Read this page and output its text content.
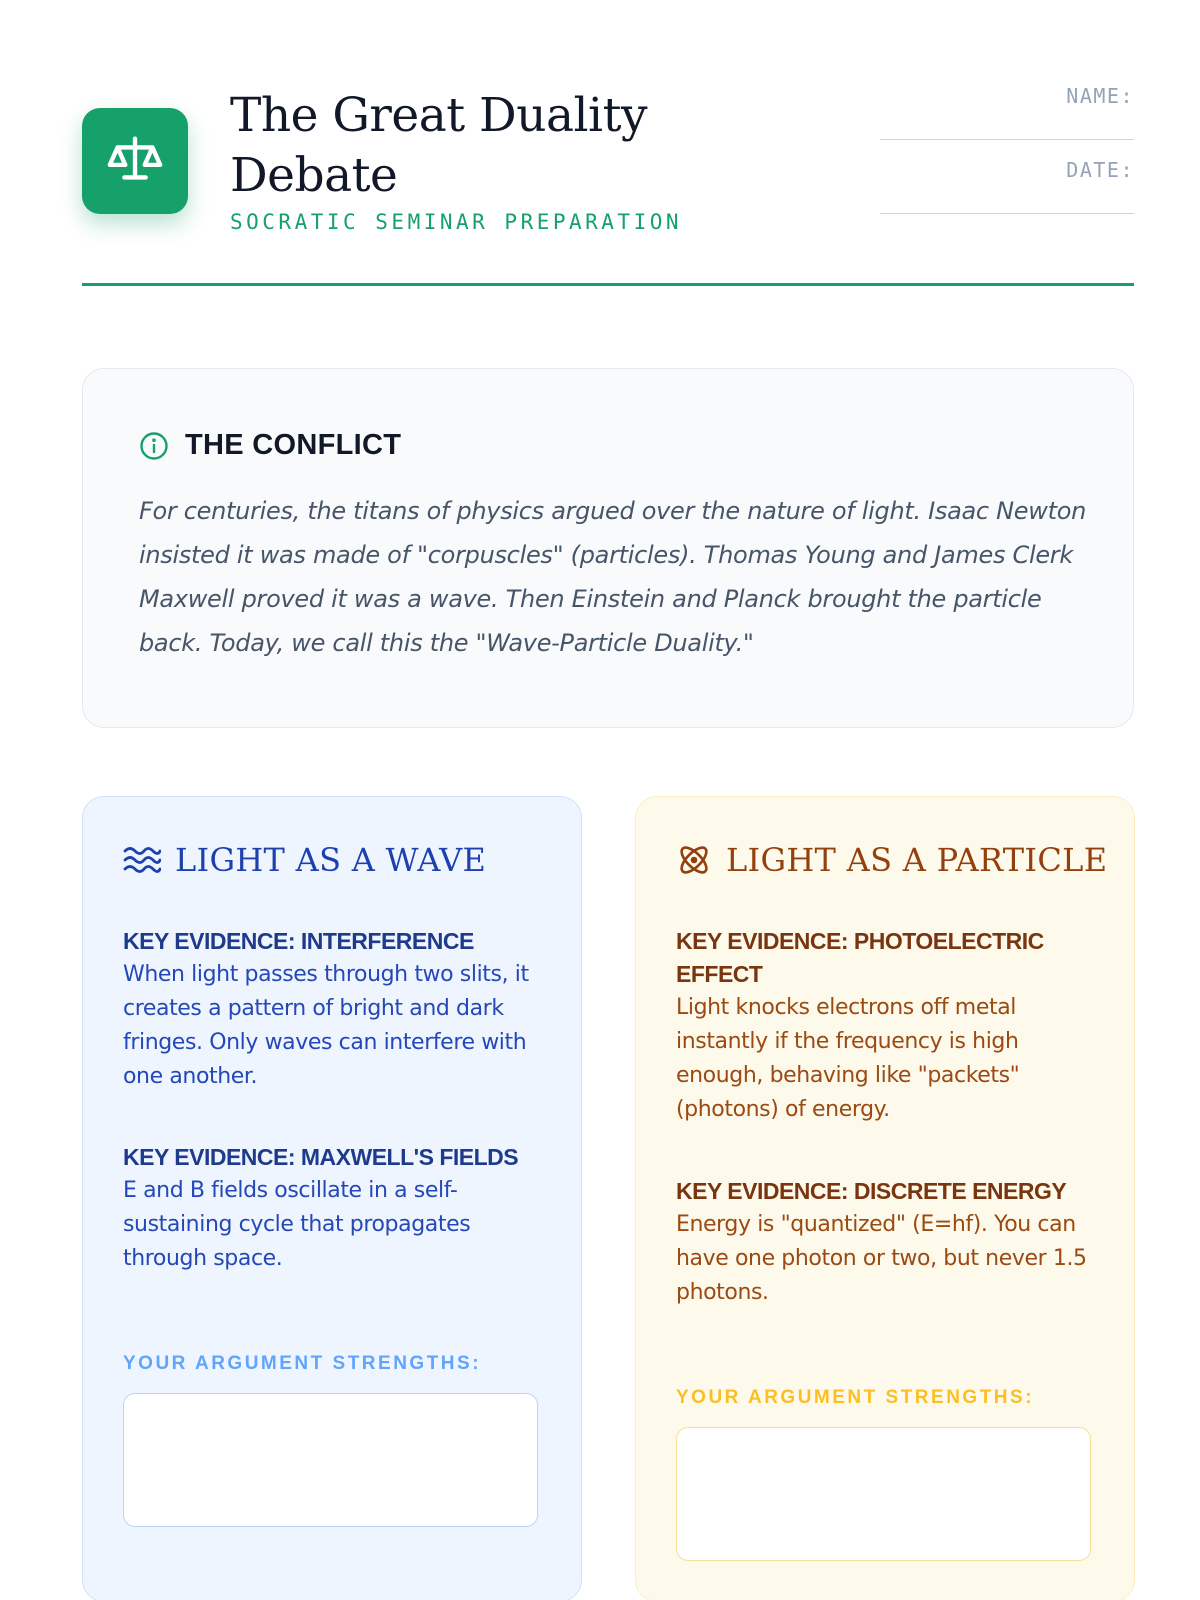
The Great Duality Debate
SOCRATIC SEMINAR PREPARATION
NAME:
DATE:
THE CONFLICT
For centuries, the titans of physics argued over the nature of light. Isaac Newton insisted it was made of "corpuscles" (particles). Thomas Young and James Clerk Maxwell proved it was a wave. Then Einstein and Planck brought the particle back. Today, we call this the "Wave-Particle Duality."
LIGHT AS A WAVE
KEY EVIDENCE: INTERFERENCE
When light passes through two slits, it creates a pattern of bright and dark fringes. Only waves can interfere with one another.
KEY EVIDENCE: MAXWELL'S FIELDS
E and B fields oscillate in a self-sustaining cycle that propagates through space.
YOUR ARGUMENT STRENGTHS:
LIGHT AS A PARTICLE
KEY EVIDENCE: PHOTOELECTRIC EFFECT
Light knocks electrons off metal instantly if the frequency is high enough, behaving like "packets" (photons) of energy.
KEY EVIDENCE: DISCRETE ENERGY
Energy is "quantized" (E=hf). You can have one photon or two, but never 1.5 photons.
YOUR ARGUMENT STRENGTHS:
